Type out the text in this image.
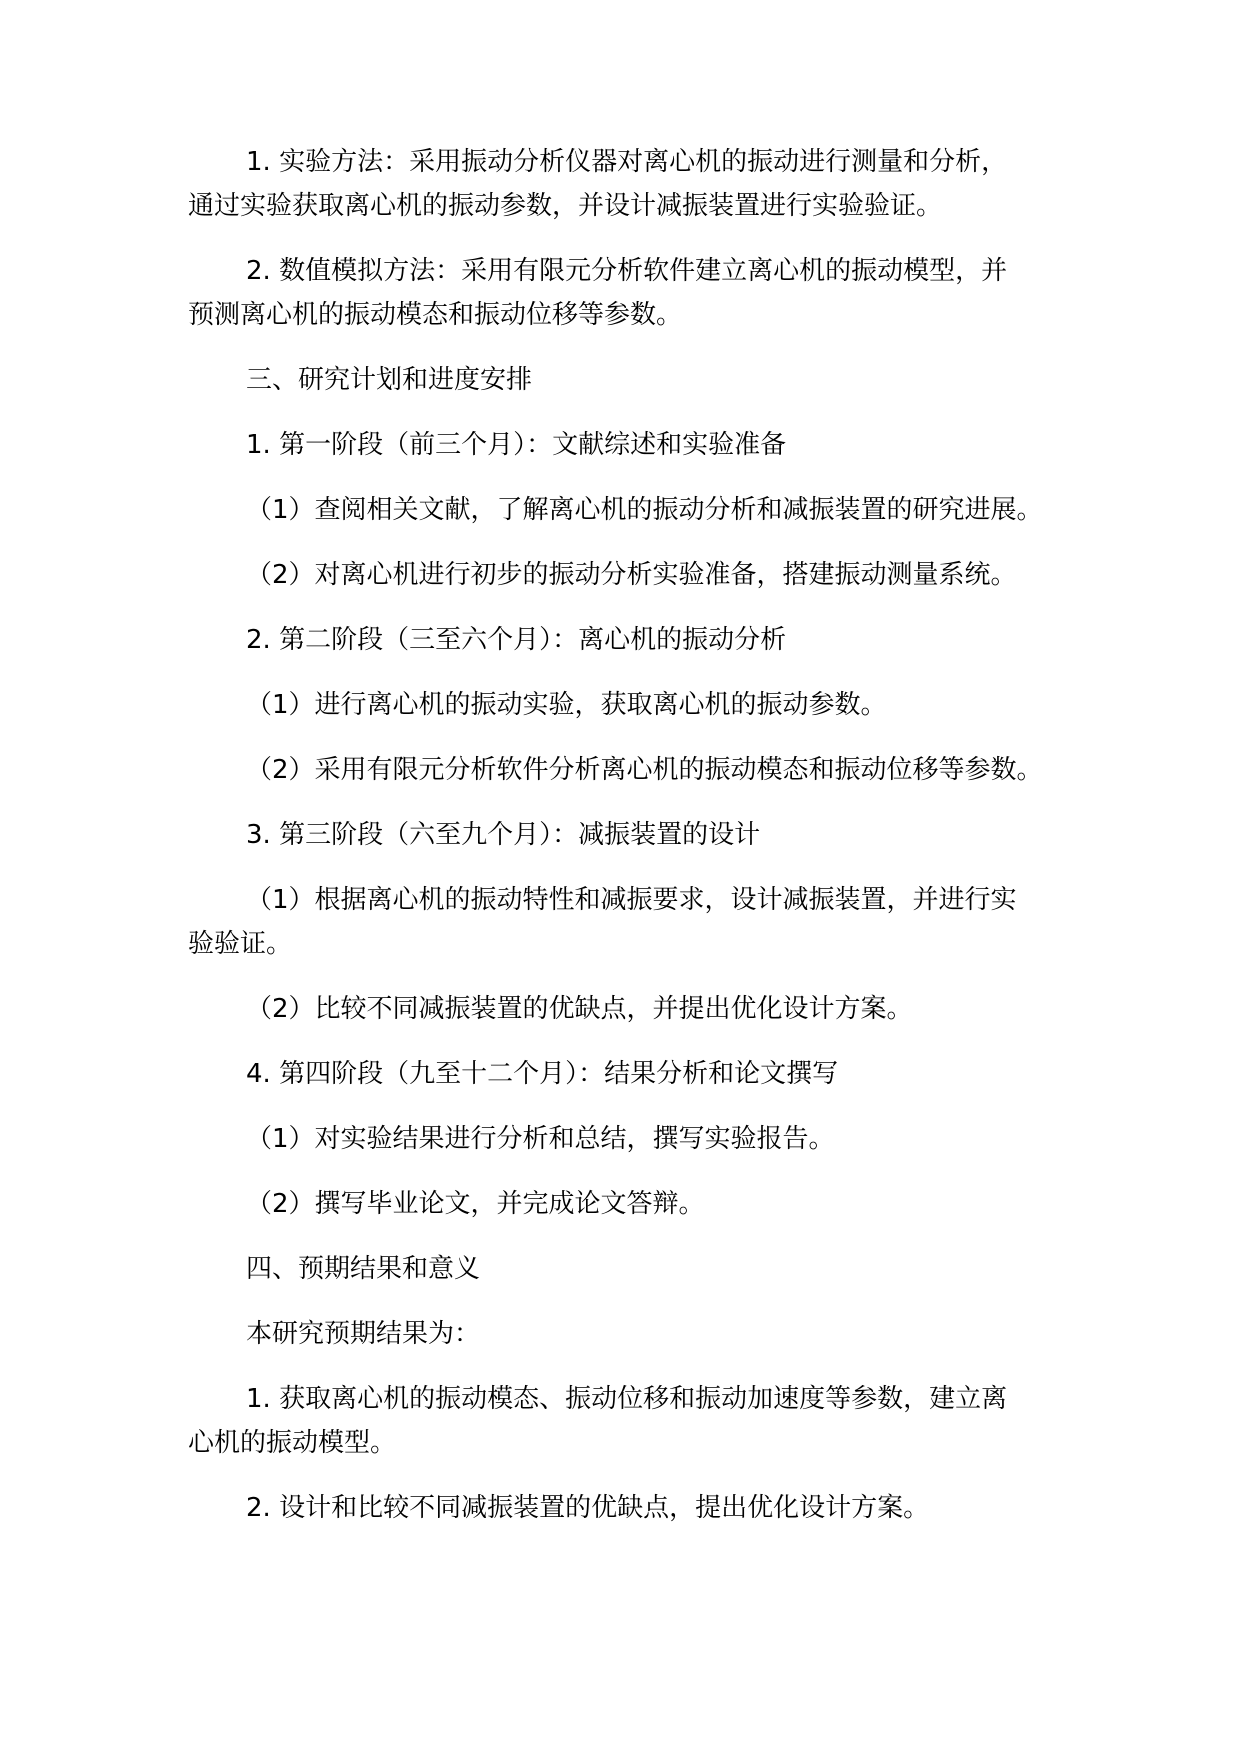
1. 实验方法：采用振动分析仪器对离心机的振动进行测量和分析，
通过实验获取离心机的振动参数，并设计减振装置进行实验验证。

2. 数值模拟方法：采用有限元分析软件建立离心机的振动模型，并
预测离心机的振动模态和振动位移等参数。

三、研究计划和进度安排

1. 第一阶段（前三个月）：文献综述和实验准备

（1）查阅相关文献，了解离心机的振动分析和减振装置的研究进展。

（2）对离心机进行初步的振动分析实验准备，搭建振动测量系统。

2. 第二阶段（三至六个月）：离心机的振动分析

（1）进行离心机的振动实验，获取离心机的振动参数。

（2）采用有限元分析软件分析离心机的振动模态和振动位移等参数。

3. 第三阶段（六至九个月）：减振装置的设计

（1）根据离心机的振动特性和减振要求，设计减振装置，并进行实
验验证。

（2）比较不同减振装置的优缺点，并提出优化设计方案。

4. 第四阶段（九至十二个月）：结果分析和论文撰写

（1）对实验结果进行分析和总结，撰写实验报告。

（2）撰写毕业论文，并完成论文答辩。

四、预期结果和意义

本研究预期结果为：

1. 获取离心机的振动模态、振动位移和振动加速度等参数，建立离
心机的振动模型。

2. 设计和比较不同减振装置的优缺点，提出优化设计方案。
